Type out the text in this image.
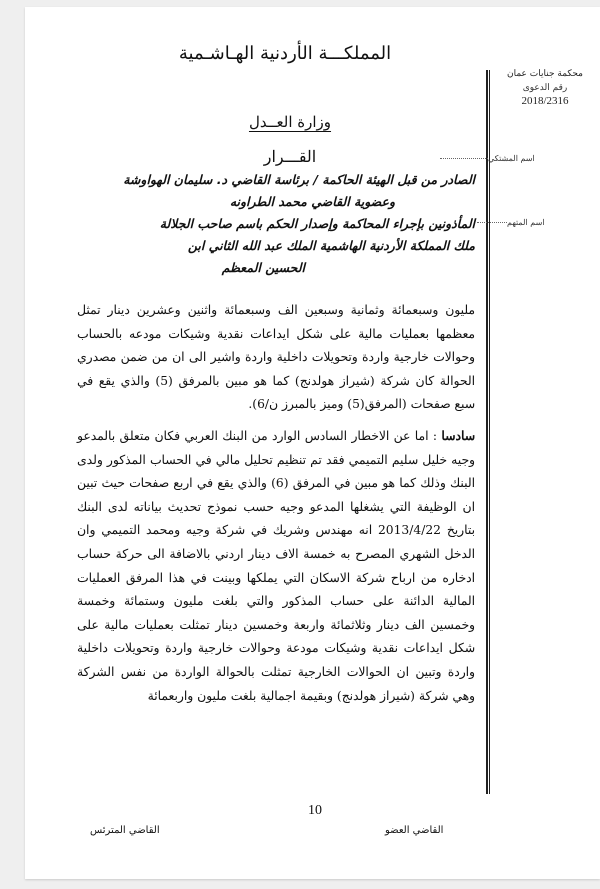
محكمة جنايات عمان
رقم الدعوى
2018/2316
اسم المشتكي
اسم المتهم
المملكـــة الأردنية الهـاشـمية
وزارة العــدل
القـــرار
الصادر من قبل الهيئة الحاكمة / برئاسة القاضي د. سليمان الهواوشة
وعضوية القاضي محمد الطراونه
المأذونين بإجراء المحاكمة وإصدار الحكم باسم صاحب الجلالة
ملك المملكة الأردنية الهاشمية الملك عبد الله الثاني ابن
الحسين المعظم

مليون وسبعمائة وثمانية وسبعين الف وسبعمائة واثنين وعشرين دينار تمثل معظمها بعمليات مالية على شكل ايداعات نقدية وشيكات مودعه بالحساب وحوالات خارجية واردة وتحويلات داخلية واردة واشير الى ان من ضمن مصدري الحوالة كان شركة (شيراز هولدنج) كما هو مبين بالمرفق (5) والذي يقع في سبع صفحات (المرفق(5) وميز بالمبرز ن/6).

سادسا : اما عن الاخطار السادس الوارد من البنك العربي فكان متعلق بالمدعو وجيه خليل سليم التميمي فقد تم تنظيم تحليل مالي في الحساب المذكور ولدى البنك وذلك كما هو مبين في المرفق (6) والذي يقع في اربع صفحات حيث تبين ان الوظيفة التي يشغلها المدعو وجيه حسب نموذج تحديث بياناته لدى البنك بتاريخ 2013/4/22 انه مهندس وشريك في شركة وجيه ومحمد التميمي وان الدخل الشهري المصرح به خمسة الاف دينار اردني بالاضافة الى حركة حساب ادخاره من ارباح شركة الاسكان التي يملكها وبينت في هذا المرفق العمليات المالية الدائنة على حساب المذكور والتي بلغت مليون وستمائة وخمسة وخمسين الف دينار وثلاثمائة واربعة وخمسين دينار تمثلت بعمليات مالية على شكل ايداعات نقدية وشيكات مودعة وحوالات خارجية واردة وتحويلات داخلية واردة وتبين ان الحوالات الخارجية تمثلت بالحوالة الواردة من نفس الشركة وهي شركة (شيراز هولدنج) وبقيمة اجمالية بلغت مليون واربعمائة

10
القاضي العضو
القاضي المترئس
